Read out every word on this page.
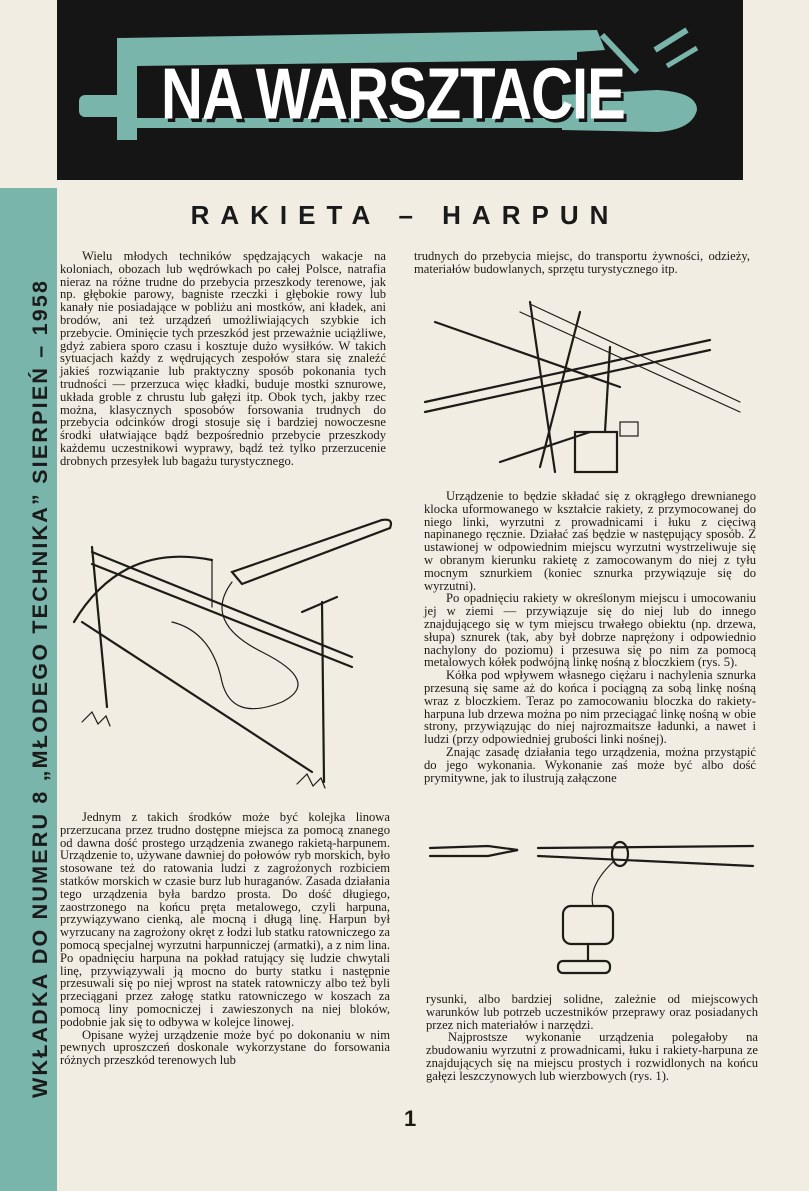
NA WARSZTACIE
WKŁADKA DO NUMERU 8 „MŁODEGO TECHNIKA” SIERPIEŃ – 1958
RAKIETA – HARPUN

Wielu młodych techników spędzających wakacje na koloniach, obozach lub wędrówkach po całej Polsce, natrafia nieraz na różne trudne do przebycia przeszkody terenowe, jak np. głębokie parowy, bagniste rzeczki i głębokie rowy lub kanały nie posiadające w pobliżu ani mostków, ani kładek, ani brodów, ani też urządzeń umożliwiających szybkie ich przebycie. Ominięcie tych przeszkód jest przeważnie uciążliwe, gdyż zabiera sporo czasu i kosztuje dużo wysiłków. W takich sytuacjach każdy z wędrujących zespołów stara się znaleźć jakieś rozwiązanie lub praktyczny sposób pokonania tych trudności — przerzuca więc kładki, buduje mostki sznurowe, układa groble z chrustu lub gałęzi itp. Obok tych, jakby rzec można, klasycznych sposobów forsowania trudnych do przebycia odcinków drogi stosuje się i bardziej nowoczesne środki ułatwiające bądź bezpośrednio przebycie przeszkody każdemu uczestnikowi wyprawy, bądź też tylko przerzucenie drobnych przesyłek lub bagażu turystycznego.

trudnych do przebycia miejsc, do transportu żywności, odzieży, materiałów budowlanych, sprzętu turystycznego itp.

Urządzenie to będzie składać się z okrągłego drewnianego klocka uformowanego w kształcie rakiety, z przymocowanej do niego linki, wyrzutni z prowadnicami i łuku z cięciwą napinanego ręcznie. Działać zaś będzie w następujący sposób. Z ustawionej w odpowiednim miejscu wyrzutni wystrzeliwuje się w obranym kierunku rakietę z zamocowanym do niej z tyłu mocnym sznurkiem (koniec sznurka przywiązuje się do wyrzutni).

Po opadnięciu rakiety w określonym miejscu i umocowaniu jej w ziemi — przywiązuje się do niej lub do innego znajdującego się w tym miejscu trwałego obiektu (np. drzewa, słupa) sznurek (tak, aby był dobrze naprężony i odpowiednio nachylony do poziomu) i przesuwa się po nim za pomocą metalowych kółek podwójną linkę nośną z bloczkiem (rys. 5).

Kółka pod wpływem własnego ciężaru i nachylenia sznurka przesuną się same aż do końca i pociągną za sobą linkę nośną wraz z bloczkiem. Teraz po zamocowaniu bloczka do rakiety-harpuna lub drzewa można po nim przeciągać linkę nośną w obie strony, przywiązując do niej najrozmaitsze ładunki, a nawet i ludzi (przy odpowiedniej grubości linki nośnej).

Znając zasadę działania tego urządzenia, można przystąpić do jego wykonania. Wykonanie zaś może być albo dość prymitywne, jak to ilustrują załączone

Jednym z takich środków może być kolejka linowa przerzucana przez trudno dostępne miejsca za pomocą znanego od dawna dość prostego urządzenia zwanego rakietą-harpunem. Urządzenie to, używane dawniej do połowów ryb morskich, było stosowane też do ratowania ludzi z zagrożonych rozbiciem statków morskich w czasie burz lub huraganów. Zasada działania tego urządzenia była bardzo prosta. Do dość długiego, zaostrzonego na końcu pręta metalowego, czyli harpuna, przywiązywano cienką, ale mocną i długą linę. Harpun był wyrzucany na zagrożony okręt z łodzi lub statku ratowniczego za pomocą specjalnej wyrzutni harpunniczej (armatki), a z nim lina. Po opadnięciu harpuna na pokład ratujący się ludzie chwytali linę, przywiązywali ją mocno do burty statku i następnie przesuwali się po niej wprost na statek ratowniczy albo też byli przeciągani przez załogę statku ratowniczego w koszach za pomocą liny pomocniczej i zawieszonych na niej bloków, podobnie jak się to odbywa w kolejce linowej.

Opisane wyżej urządzenie może być po dokonaniu w nim pewnych uproszczeń doskonale wykorzystane do forsowania różnych przeszkód terenowych lub

rysunki, albo bardziej solidne, zależnie od miejscowych warunków lub potrzeb uczestników przeprawy oraz posiadanych przez nich materiałów i narzędzi.

Najprostsze wykonanie urządzenia polegałoby na zbudowaniu wyrzutni z prowadnicami, łuku i rakiety-harpuna ze znajdujących się na miejscu prostych i rozwidlonych na końcu gałęzi leszczynowych lub wierzbowych (rys. 1).

1
